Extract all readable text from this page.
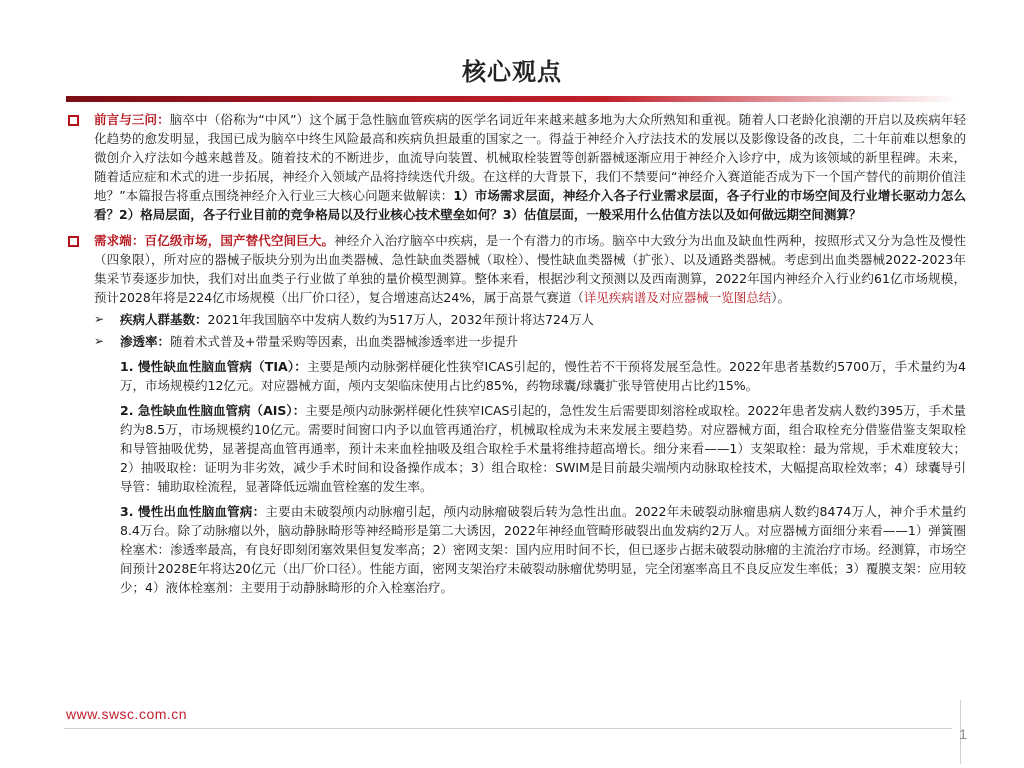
核心观点
前言与三问：脑卒中（俗称为“中风”）这个属于急性脑血管疾病的医学名词近年来越来越多地为大众所熟知和重视。随着人口老龄化浪潮的开启以及疾病年轻化趋势的愈发明显，我国已成为脑卒中终生风险最高和疾病负担最重的国家之一。得益于神经介入疗法技术的发展以及影像设备的改良，二十年前难以想象的微创介入疗法如今越来越普及。随着技术的不断进步，血流导向装置、机械取栓装置等创新器械逐渐应用于神经介入诊疗中，成为该领域的新里程碑。未来，随着适应症和术式的进一步拓展，神经介入领域产品将持续迭代升级。在这样的大背景下，我们不禁要问“神经介入赛道能否成为下一个国产替代的前期价值洼地？”本篇报告将重点围绕神经介入行业三大核心问题来做解读：1）市场需求层面，神经介入各子行业需求层面，各子行业的市场空间及行业增长驱动力怎么看？2）格局层面，各子行业目前的竞争格局以及行业核心技术壁垒如何？3）估值层面，一般采用什么估值方法以及如何做远期空间测算？
需求端：百亿级市场，国产替代空间巨大。神经介入治疗脑卒中疾病，是一个有潜力的市场。脑卒中大致分为出血及缺血性两种，按照形式又分为急性及慢性（四象限），所对应的器械子版块分别为出血类器械、急性缺血类器械（取栓）、慢性缺血类器械（扩张）、以及通路类器械。考虑到出血类器械2022-2023年集采节奏逐步加快，我们对出血类子行业做了单独的量价模型测算。整体来看，根据沙利文预测以及西南测算，2022年国内神经介入行业约61亿市场规模，预计2028年将是224亿市场规模（出厂价口径），复合增速高达24%，属于高景气赛道（详见疾病谱及对应器械一览图总结）。
➢ 疾病人群基数：2021年我国脑卒中发病人数约为517万人，2032年预计将达724万人
➢ 渗透率：随着术式普及+带量采购等因素，出血类器械渗透率进一步提升
1. 慢性缺血性脑血管病（TIA）：主要是颅内动脉粥样硬化性狭窄ICAS引起的，慢性若不干预将发展至急性。2022年患者基数约5700万，手术量约为4万，市场规模约12亿元。对应器械方面，颅内支架临床使用占比约85%，药物球囊/球囊扩张导管使用占比约15%。
2. 急性缺血性脑血管病（AIS）：主要是颅内动脉粥样硬化性狭窄ICAS引起的，急性发生后需要即刻溶栓或取栓。2022年患者发病人数约395万，手术量约为8.5万，市场规模约10亿元。需要时间窗口内予以血管再通治疗，机械取栓成为未来发展主要趋势。对应器械方面，组合取栓充分借鉴借鉴支架取栓和导管抽吸优势，显著提高血管再通率，预计未来血栓抽吸及组合取栓手术量将维持超高增长。细分来看——1）支架取栓：最为常规，手术难度较大；2）抽吸取栓：证明为非劣效，减少手术时间和设备操作成本；3）组合取栓：SWIM是目前最尖端颅内动脉取栓技术，大幅提高取栓效率；4）球囊导引导管：辅助取栓流程，显著降低远端血管栓塞的发生率。
3. 慢性出血性脑血管病：主要由未破裂颅内动脉瘤引起，颅内动脉瘤破裂后转为急性出血。2022年未破裂动脉瘤患病人数约8474万人，神介手术量约8.4万台。除了动脉瘤以外，脑动静脉畸形等神经畸形是第二大诱因，2022年神经血管畸形破裂出血发病约2万人。对应器械方面细分来看——1）弹簧圈栓塞术：渗透率最高，有良好即刻闭塞效果但复发率高；2）密网支架：国内应用时间不长，但已逐步占据未破裂动脉瘤的主流治疗市场。经测算，市场空间预计2028E年将达20亿元（出厂价口径）。性能方面，密网支架治疗未破裂动脉瘤优势明显，完全闭塞率高且不良反应发生率低；3）覆膜支架：应用较少；4）液体栓塞剂：主要用于动静脉畸形的介入栓塞治疗。
www.swsc.com.cn
1
